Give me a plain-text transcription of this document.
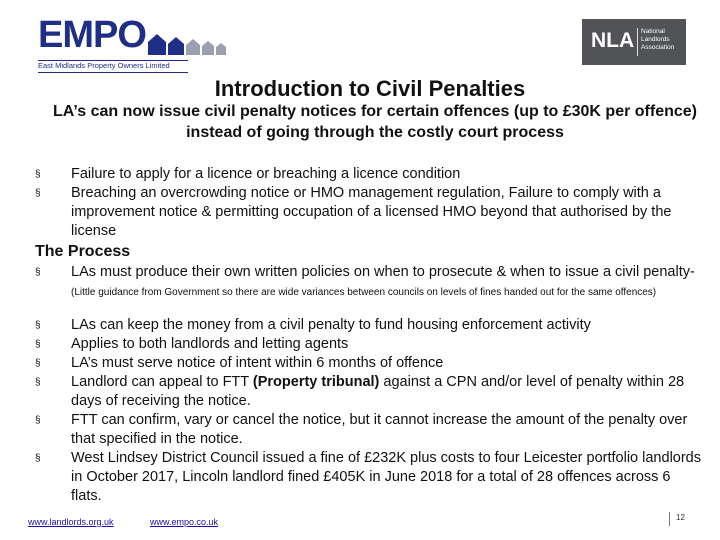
EMPO
East Midlands Property Owners Limited
NLA National
Landlords
Association
Introduction to Civil Penalties
LA’s can now issue civil penalty notices for certain offences (up to £30K per offence) instead of going through the costly court process
§	Failure to apply for a licence or breaching a licence condition
§	Breaching an overcrowding notice or HMO management regulation, Failure to comply with a improvement notice & permitting occupation of a licensed HMO beyond that authorised by the license
The Process
§	LAs must produce their own written policies on when to prosecute & when to issue a civil penalty- (Little guidance from Government so there are wide variances between councils on levels of fines handed out for the same offences)
§	LAs can keep the money from a civil penalty to fund housing enforcement activity
§	Applies to both landlords and letting agents
§	LA’s must serve notice of intent within 6 months of offence
§	Landlord can appeal to FTT (Property tribunal) against a CPN and/or level of penalty within 28 days of receiving the notice.
§	FTT can confirm, vary or cancel the notice, but it cannot increase the amount of the penalty over that specified in the notice.
§	West Lindsey District Council issued a fine of £232K plus costs to four Leicester portfolio landlords in October 2017, Lincoln landlord fined £405K in June 2018 for a total of 28 offences across 6 flats.
www.landlords.org.uk	www.empo.co.uk	12
